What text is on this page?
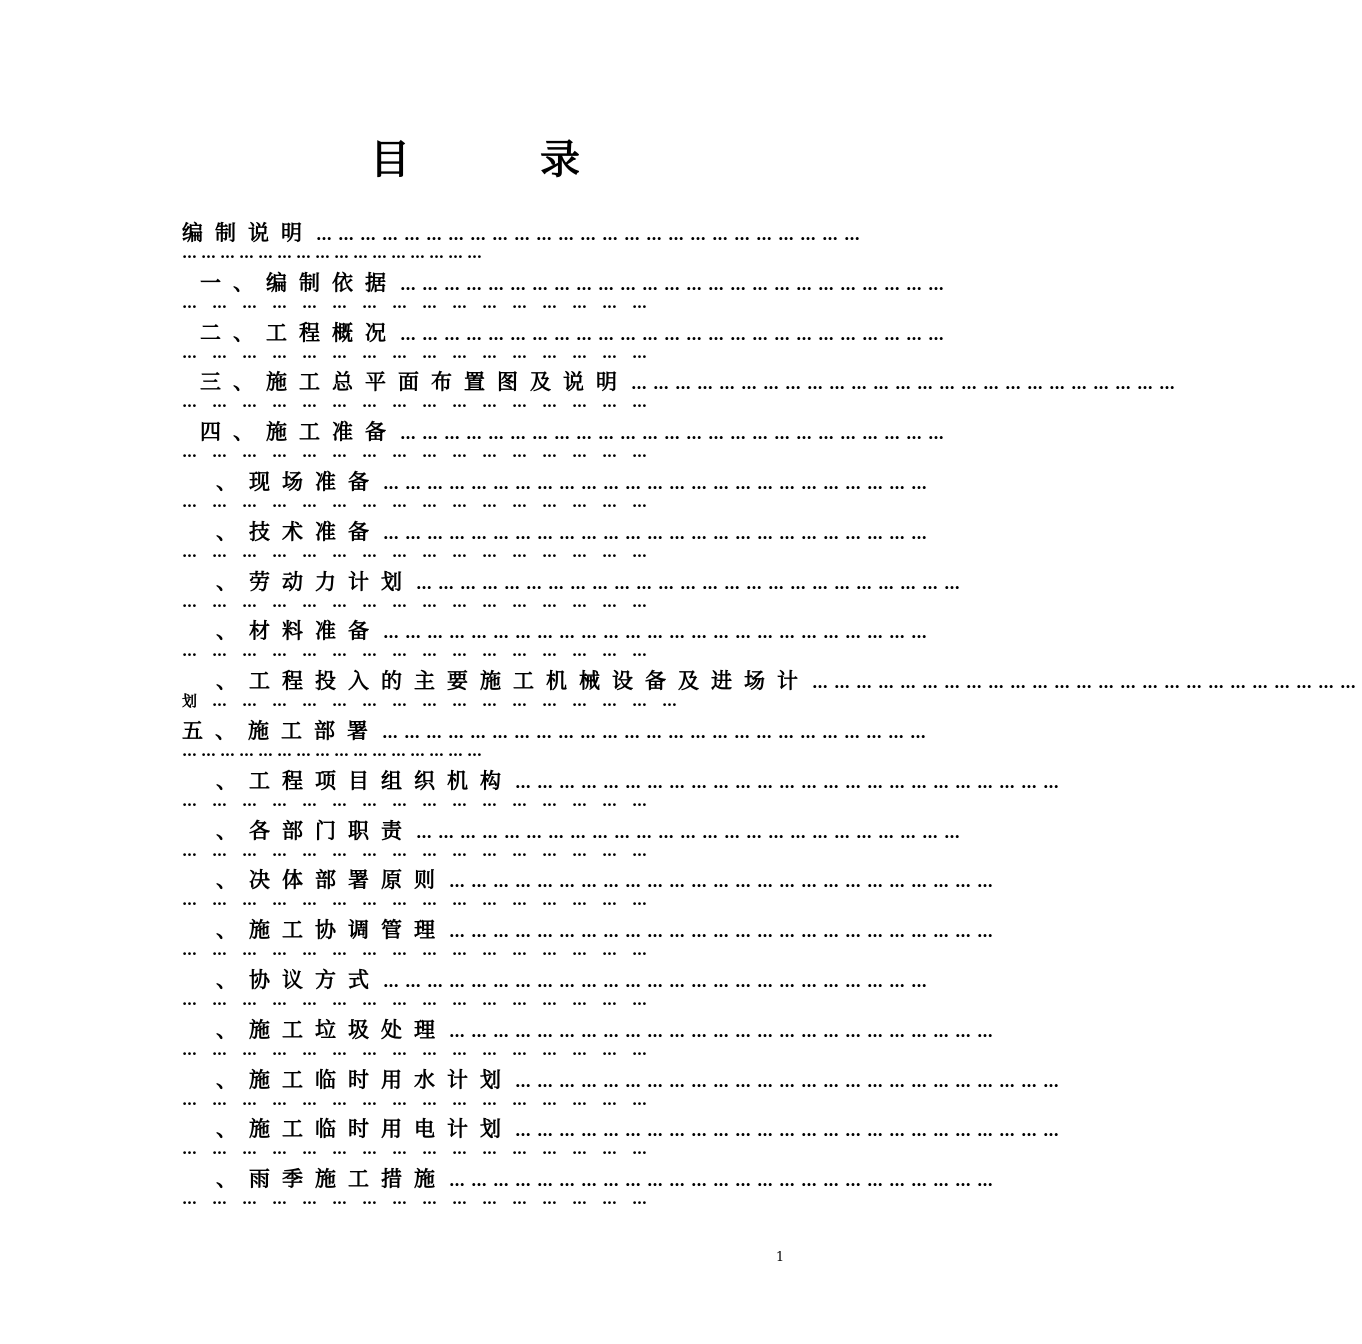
目	录
编制说明 …………………………………………………………………
…………………………………………
一、编制依据 …………………………………………………………………
…………………………………………
二、工程概况 …………………………………………………………………
…………………………………………
三、施工总平面布置图及说明 …………………………………………………………………
…………………………………………
四、施工准备 …………………………………………………………………
…………………………………………
、现场准备 …………………………………………………………………
…………………………………………
、技术准备 …………………………………………………………………
…………………………………………
、劳动力计划 …………………………………………………………………
…………………………………………
、材料准备 …………………………………………………………………
…………………………………………
、工程投入的主要施工机械设备及进场计 …………………………………………………………………
划…………………………………………
五、施工部署 …………………………………………………………………
…………………………………………
、工程项目组织机构 …………………………………………………………………
…………………………………………
、各部门职责 …………………………………………………………………
…………………………………………
、决体部署原则 …………………………………………………………………
…………………………………………
、施工协调管理 …………………………………………………………………
…………………………………………
、协议方式 …………………………………………………………………
…………………………………………
、施工垃圾处理 …………………………………………………………………
…………………………………………
、施工临时用水计划 …………………………………………………………………
…………………………………………
、施工临时用电计划 …………………………………………………………………
…………………………………………
、雨季施工措施 …………………………………………………………………
…………………………………………
1
